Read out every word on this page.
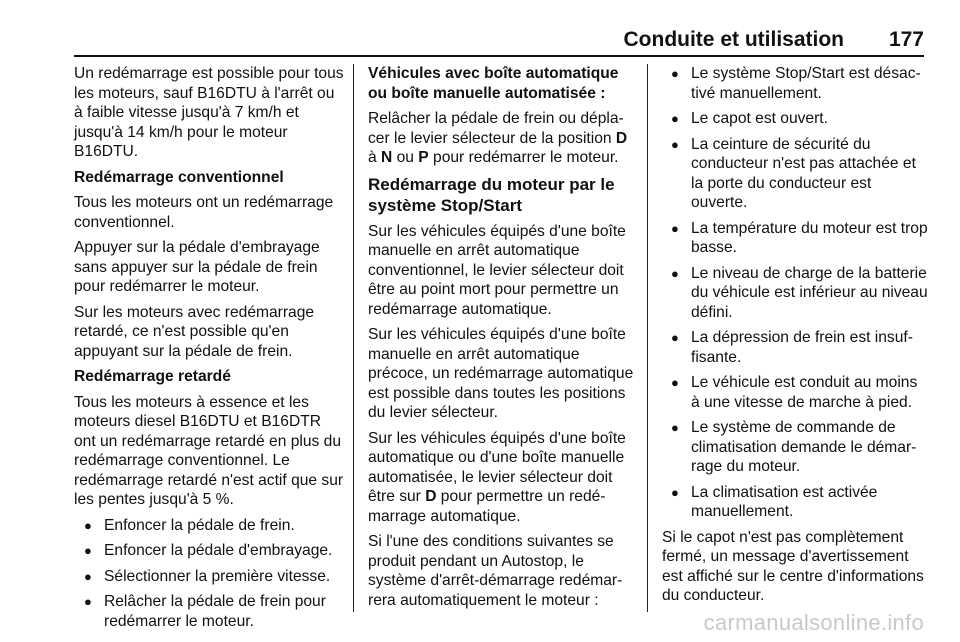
Conduite et utilisation 177

Un redémarrage est possible pour tous les moteurs, sauf B16DTU à l'arrêt ou à faible vitesse jusqu'à 7 km/h et jusqu'à 14 km/h pour le moteur B16DTU.

Redémarrage conventionnel

Tous les moteurs ont un redémarrage conventionnel.

Appuyer sur la pédale d'embrayage sans appuyer sur la pédale de frein pour redémarrer le moteur.

Sur les moteurs avec redémarrage retardé, ce n'est possible qu'en appuyant sur la pédale de frein.

Redémarrage retardé

Tous les moteurs à essence et les moteurs diesel B16DTU et B16DTR ont un redémarrage retardé en plus du redémarrage conventionnel. Le redémarrage retardé n'est actif que sur les pentes jusqu'à 5 %.

● Enfoncer la pédale de frein.
● Enfoncer la pédale d'embrayage.
● Sélectionner la première vitesse.
● Relâcher la pédale de frein pour redémarrer le moteur.
Véhicules avec boîte automatique ou boîte manuelle automatisée :

Relâcher la pédale de frein ou déplacer le levier sélecteur de la position D à N ou P pour redémarrer le moteur.

Redémarrage du moteur par le système Stop/Start

Sur les véhicules équipés d'une boîte manuelle en arrêt automatique conventionnel, le levier sélecteur doit être au point mort pour permettre un redémarrage automatique.

Sur les véhicules équipés d'une boîte manuelle en arrêt automatique précoce, un redémarrage automatique est possible dans toutes les positions du levier sélecteur.

Sur les véhicules équipés d'une boîte automatique ou d'une boîte manuelle automatisée, le levier sélecteur doit être sur D pour permettre un redémarrage automatique.

Si l'une des conditions suivantes se produit pendant un Autostop, le système d'arrêt-démarrage redémarrera automatiquement le moteur :

● Le système Stop/Start est désactivé manuellement.
● Le capot est ouvert.
● La ceinture de sécurité du conducteur n'est pas attachée et la porte du conducteur est ouverte.
● La température du moteur est trop basse.
● Le niveau de charge de la batterie du véhicule est inférieur au niveau défini.
● La dépression de frein est insuffisante.
● Le véhicule est conduit au moins à une vitesse de marche à pied.
● Le système de commande de climatisation demande le démarrage du moteur.
● La climatisation est activée manuellement.

Si le capot n'est pas complètement fermé, un message d'avertissement est affiché sur le centre d'informations du conducteur.

carmanualsonline.info
